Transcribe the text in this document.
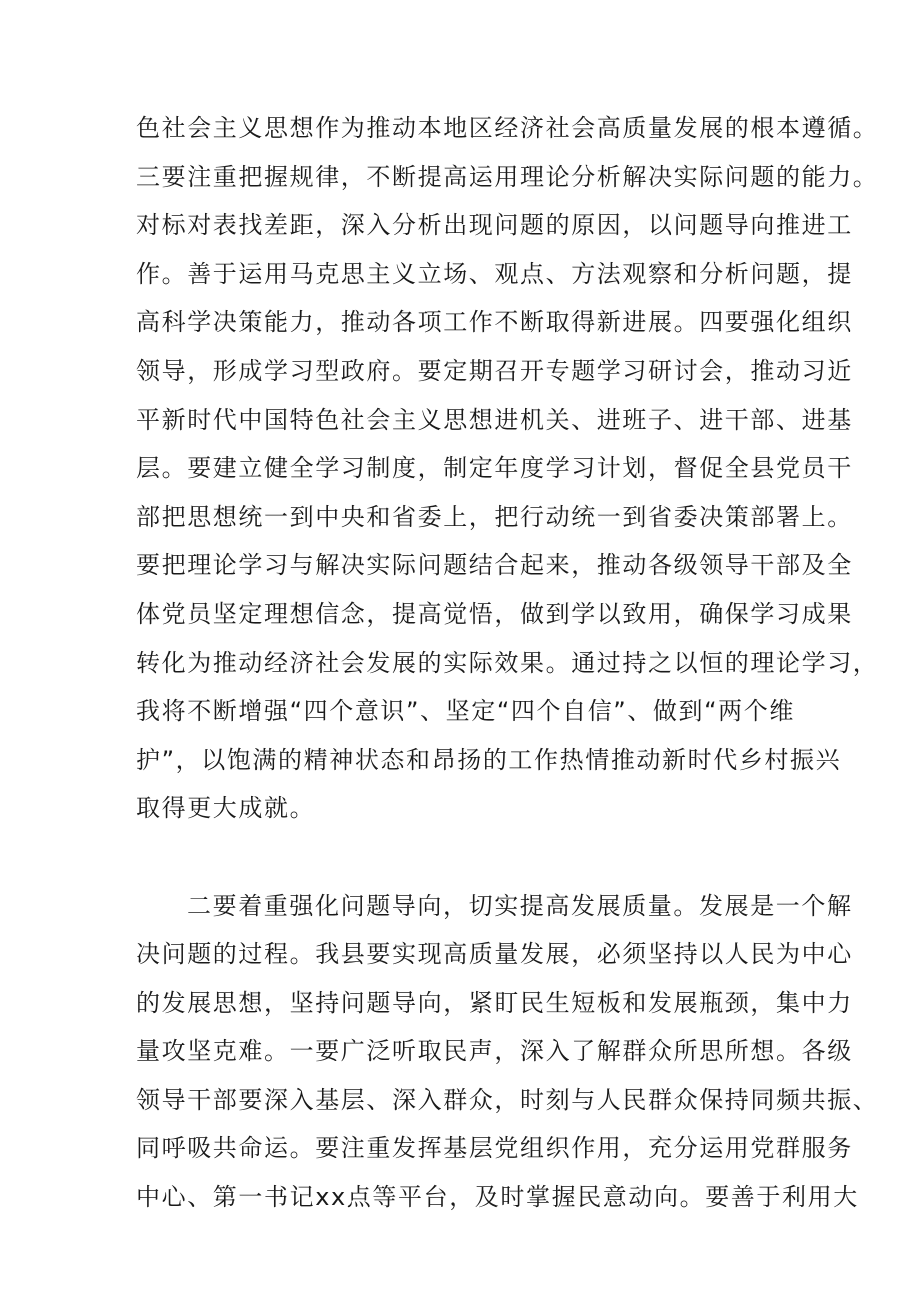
色社会主义思想作为推动本地区经济社会高质量发展的根本遵循。
三要注重把握规律，不断提高运用理论分析解决实际问题的能力。
对标对表找差距，深入分析出现问题的原因，以问题导向推进工
作。善于运用马克思主义立场、观点、方法观察和分析问题，提
高科学决策能力，推动各项工作不断取得新进展。四要强化组织
领导，形成学习型政府。要定期召开专题学习研讨会，推动习近
平新时代中国特色社会主义思想进机关、进班子、进干部、进基
层。要建立健全学习制度，制定年度学习计划，督促全县党员干
部把思想统一到中央和省委上，把行动统一到省委决策部署上。
要把理论学习与解决实际问题结合起来，推动各级领导干部及全
体党员坚定理想信念，提高觉悟，做到学以致用，确保学习成果
转化为推动经济社会发展的实际效果。通过持之以恒的理论学习，
我将不断增强“四个意识”、坚定“四个自信”、做到“两个维
护”，以饱满的精神状态和昂扬的工作热情推动新时代乡村振兴
取得更大成就。
二要着重强化问题导向，切实提高发展质量。发展是一个解
决问题的过程。我县要实现高质量发展，必须坚持以人民为中心
的发展思想，坚持问题导向，紧盯民生短板和发展瓶颈，集中力
量攻坚克难。一要广泛听取民声，深入了解群众所思所想。各级
领导干部要深入基层、深入群众，时刻与人民群众保持同频共振、
同呼吸共命运。要注重发挥基层党组织作用，充分运用党群服务
中心、第一书记xx点等平台，及时掌握民意动向。要善于利用大
